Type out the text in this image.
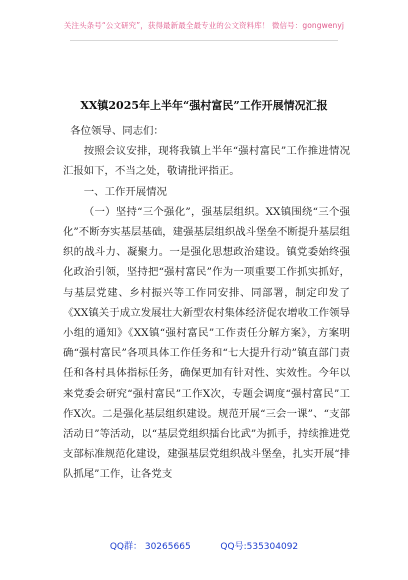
关注头条号“公文研究”，获得最新最全最专业的公文资料库！ 微信号：gongwenyj
XX镇2025年上半年“强村富民”工作开展情况汇报

各位领导、同志们：

按照会议安排，现将我镇上半年“强村富民”工作推进情况汇报如下，不当之处，敬请批评指正。

一、工作开展情况

（一）坚持“三个强化”，强基层组织。XX镇围绕“三个强化”不断夯实基层基础，建强基层组织战斗堡垒不断提升基层组织的战斗力、凝聚力。一是强化思想政治建设。镇党委始终强化政治引领，坚持把“强村富民”作为一项重要工作抓实抓好，与基层党建、乡村振兴等工作同安排、同部署，制定印发了《XX镇关于成立发展壮大新型农村集体经济促农增收工作领导小组的通知》《XX镇“强村富民”工作责任分解方案》，方案明确“强村富民”各项具体工作任务和“七大提升行动”镇直部门责任和各村具体指标任务，确保更加有针对性、实效性。今年以来党委会研究“强村富民”工作X次，专题会调度“强村富民”工作X次。二是强化基层组织建设。规范开展“三会一课”、“支部活动日”等活动，以“基层党组织擂台比武”为抓手，持续推进党支部标准规范化建设，建强基层党组织战斗堡垒，扎实开展“排队抓尾”工作，让各党支

QQ群： 30265665	QQ号:535304092
